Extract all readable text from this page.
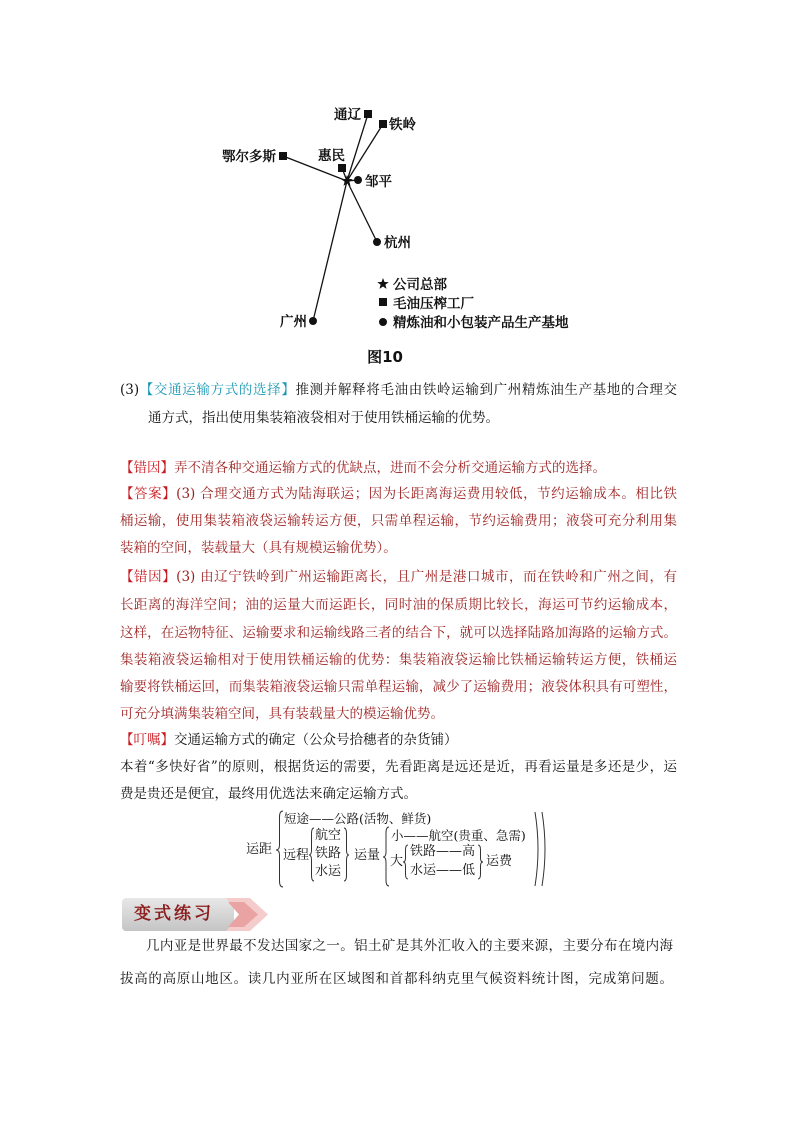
通辽
铁岭
鄂尔多斯	惠民
邹平
杭州
广州
公司总部
毛油压榨工厂
精炼油和小包装产品生产基地
图10
(3)【交通运输方式的选择】推测并解释将毛油由铁岭运输到广州精炼油生产基地的合理交
通方式，指出使用集装箱液袋相对于使用铁桶运输的优势。
【错因】弄不清各种交通运输方式的优缺点，进而不会分析交通运输方式的选择。
【答案】(3) 合理交通方式为陆海联运；因为长距离海运费用较低，节约运输成本。相比铁
桶运输，使用集装箱液袋运输转运方便，只需单程运输，节约运输费用；液袋可充分利用集
装箱的空间，装载量大（具有规模运输优势）。
【错因】(3) 由辽宁铁岭到广州运输距离长，且广州是港口城市，而在铁岭和广州之间，有
长距离的海洋空间；油的运量大而运距长，同时油的保质期比较长，海运可节约运输成本，
这样，在运物特征、运输要求和运输线路三者的结合下，就可以选择陆路加海路的运输方式。
集装箱液袋运输相对于使用铁桶运输的优势：集装箱液袋运输比铁桶运输转运方便，铁桶运
输要将铁桶运回，而集装箱液袋运输只需单程运输，减少了运输费用；液袋体积具有可塑性，
可充分填满集装箱空间，具有装载量大的模运输优势。
【叮嘱】交通运输方式的确定（公众号拾穗者的杂货铺）
本着“多快好省”的原则，根据货运的需要，先看距离是远还是近，再看运量是多还是少，运
费是贵还是便宜，最终用优选法来确定运输方式。
短途——公路(活物、鲜货)
运距 远程
航空
铁路
水运
运量
小——航空(贵重、急需)
大
铁路——高
水运——低
运费
变式练习
几内亚是世界最不发达国家之一。铝土矿是其外汇收入的主要来源，主要分布在境内海
拔高的高原山地区。读几内亚所在区域图和首都科纳克里气候资料统计图，完成第问题。
